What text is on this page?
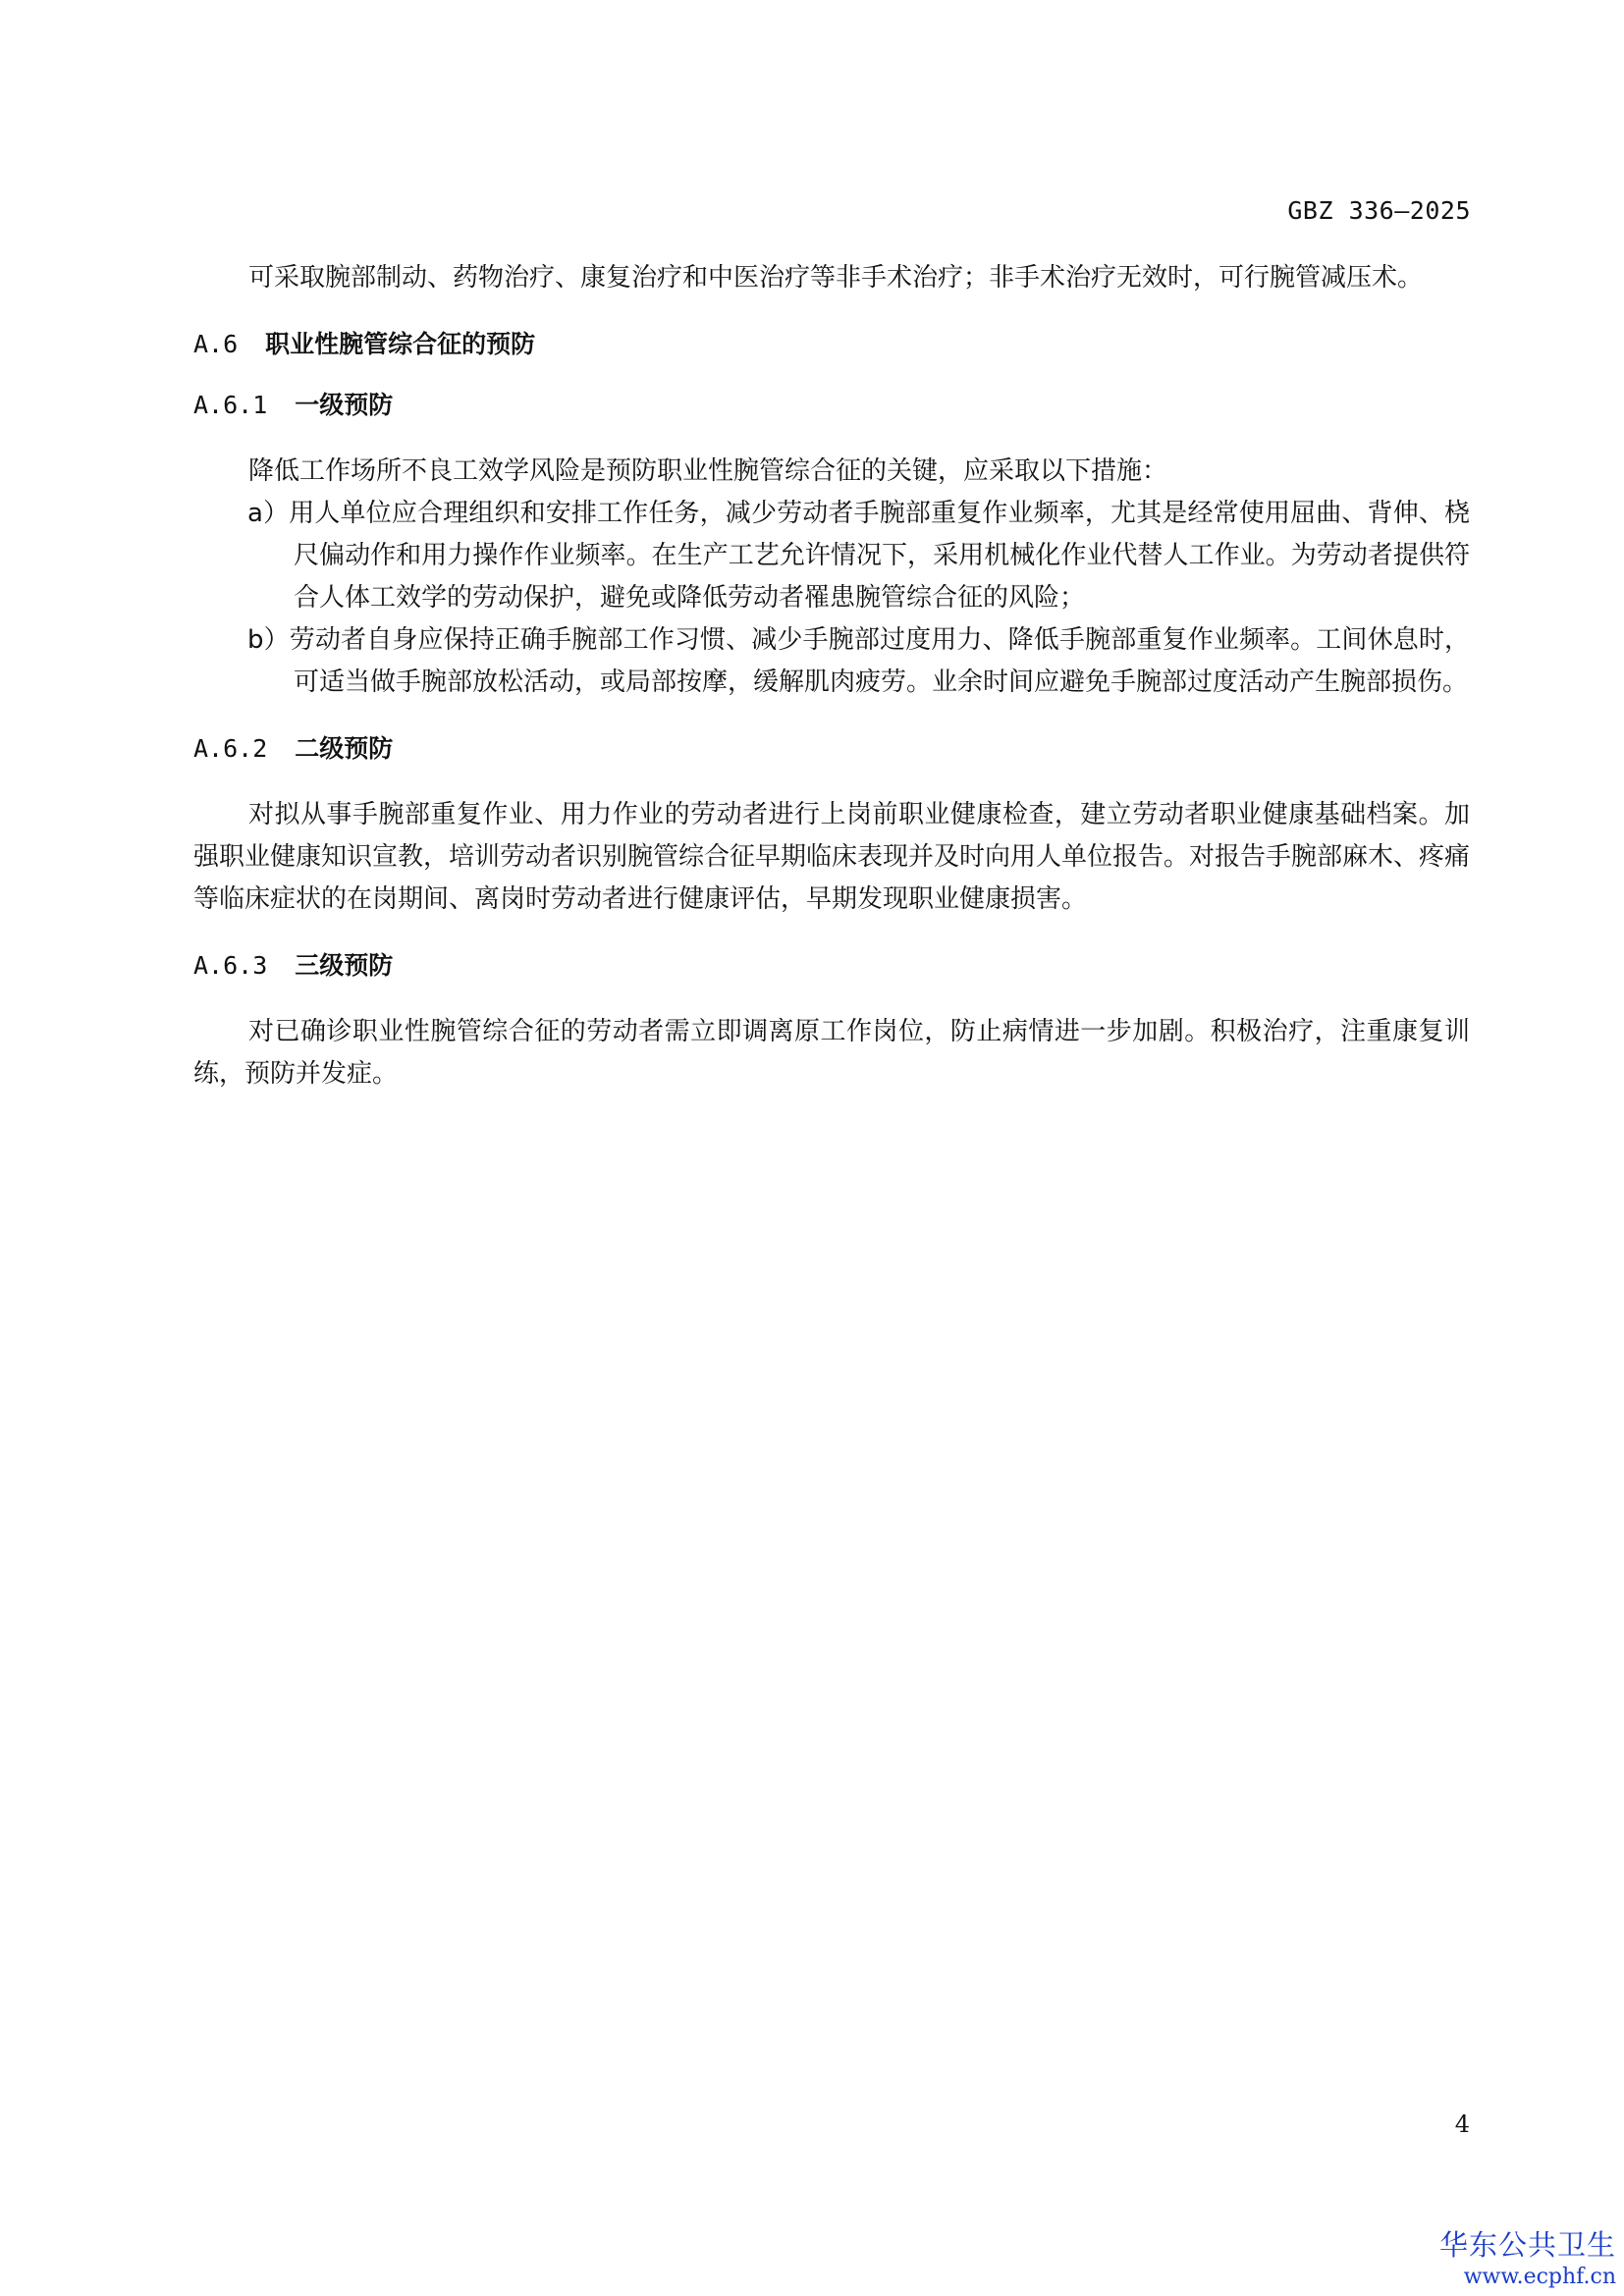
GBZ 336—2025

可采取腕部制动、药物治疗、康复治疗和中医治疗等非手术治疗；非手术治疗无效时，可行腕管减压术。

A.6 职业性腕管综合征的预防
A.6.1 一级预防

降低工作场所不良工效学风险是预防职业性腕管综合征的关键，应采取以下措施：

a）用人单位应合理组织和安排工作任务，减少劳动者手腕部重复作业频率，尤其是经常使用屈曲、背伸、桡尺偏动作和用力操作作业频率。在生产工艺允许情况下，采用机械化作业代替人工作业。为劳动者提供符合人体工效学的劳动保护，避免或降低劳动者罹患腕管综合征的风险；
b）劳动者自身应保持正确手腕部工作习惯、减少手腕部过度用力、降低手腕部重复作业频率。工间休息时，可适当做手腕部放松活动，或局部按摩，缓解肌肉疲劳。业余时间应避免手腕部过度活动产生腕部损伤。
A.6.2 二级预防

对拟从事手腕部重复作业、用力作业的劳动者进行上岗前职业健康检查，建立劳动者职业健康基础档案。加强职业健康知识宣教，培训劳动者识别腕管综合征早期临床表现并及时向用人单位报告。对报告手腕部麻木、疼痛等临床症状的在岗期间、离岗时劳动者进行健康评估，早期发现职业健康损害。

A.6.3 三级预防

对已确诊职业性腕管综合征的劳动者需立即调离原工作岗位，防止病情进一步加剧。积极治疗，注重康复训练，预防并发症。

4
华东公共卫生
www.ecphf.cn
